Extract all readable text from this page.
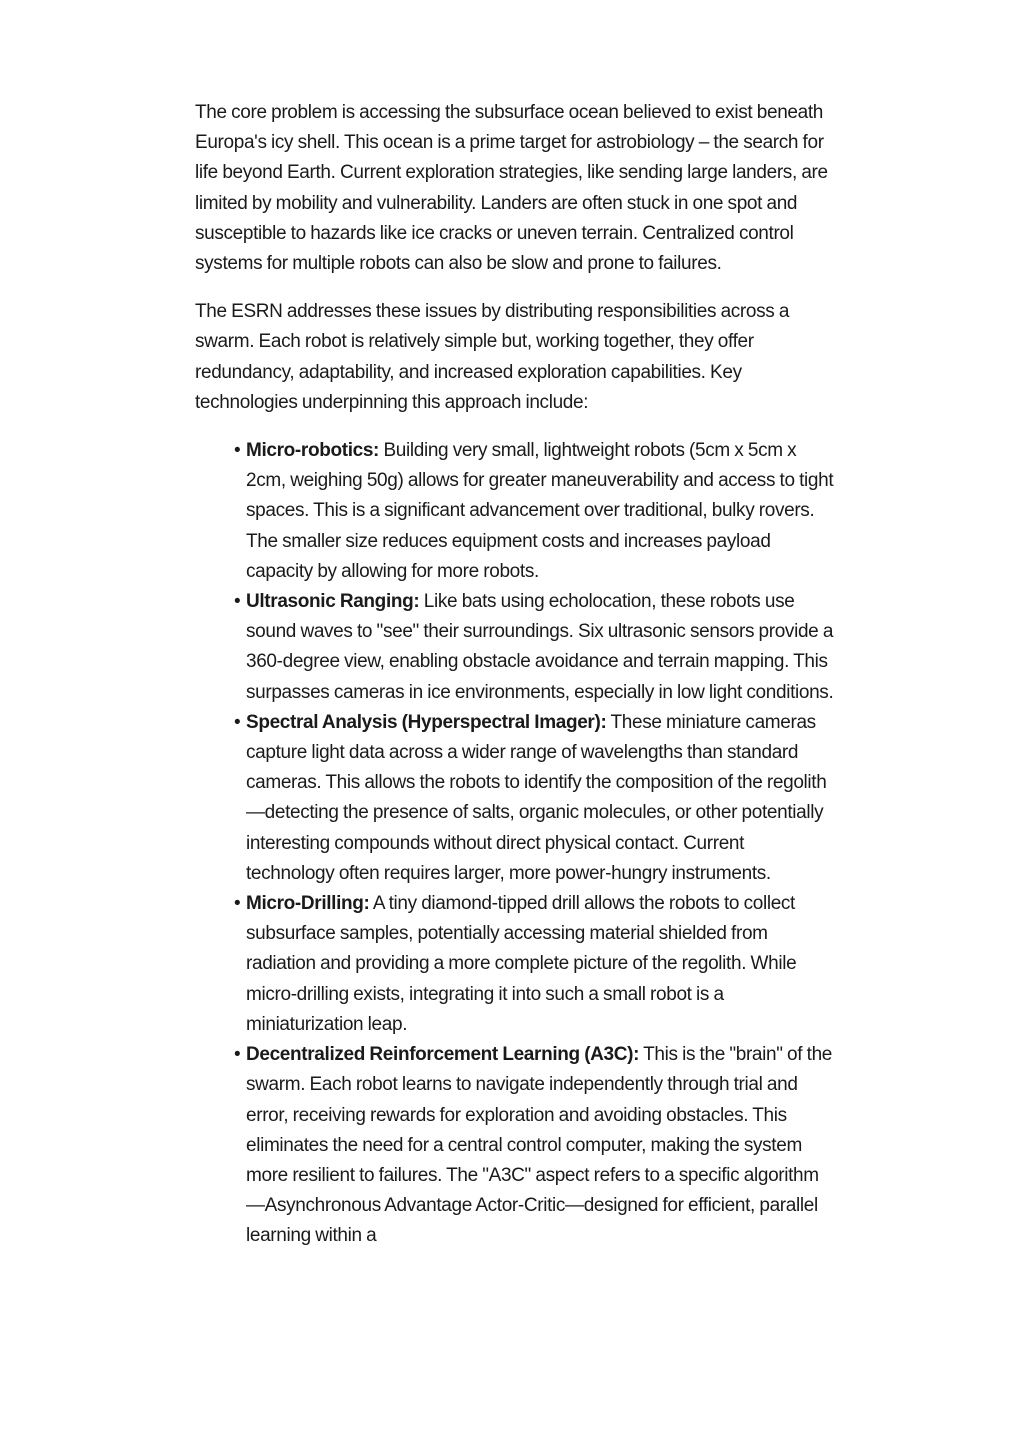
The core problem is accessing the subsurface ocean believed to exist beneath Europa's icy shell. This ocean is a prime target for astrobiology – the search for life beyond Earth. Current exploration strategies, like sending large landers, are limited by mobility and vulnerability. Landers are often stuck in one spot and susceptible to hazards like ice cracks or uneven terrain. Centralized control systems for multiple robots can also be slow and prone to failures.

The ESRN addresses these issues by distributing responsibilities across a swarm. Each robot is relatively simple but, working together, they offer redundancy, adaptability, and increased exploration capabilities. Key technologies underpinning this approach include:

• Micro-robotics: Building very small, lightweight robots (5cm x 5cm x 2cm, weighing 50g) allows for greater maneuverability and access to tight spaces. This is a significant advancement over traditional, bulky rovers. The smaller size reduces equipment costs and increases payload capacity by allowing for more robots.
• Ultrasonic Ranging: Like bats using echolocation, these robots use sound waves to "see" their surroundings. Six ultrasonic sensors provide a 360-degree view, enabling obstacle avoidance and terrain mapping. This surpasses cameras in ice environments, especially in low light conditions.
• Spectral Analysis (Hyperspectral Imager): These miniature cameras capture light data across a wider range of wavelengths than standard cameras. This allows the robots to identify the composition of the regolith—detecting the presence of salts, organic molecules, or other potentially interesting compounds without direct physical contact. Current technology often requires larger, more power-hungry instruments.
• Micro-Drilling: A tiny diamond-tipped drill allows the robots to collect subsurface samples, potentially accessing material shielded from radiation and providing a more complete picture of the regolith. While micro-drilling exists, integrating it into such a small robot is a miniaturization leap.
• Decentralized Reinforcement Learning (A3C): This is the "brain" of the swarm. Each robot learns to navigate independently through trial and error, receiving rewards for exploration and avoiding obstacles. This eliminates the need for a central control computer, making the system more resilient to failures. The "A3C" aspect refers to a specific algorithm—Asynchronous Advantage Actor-Critic—designed for efficient, parallel learning within a
